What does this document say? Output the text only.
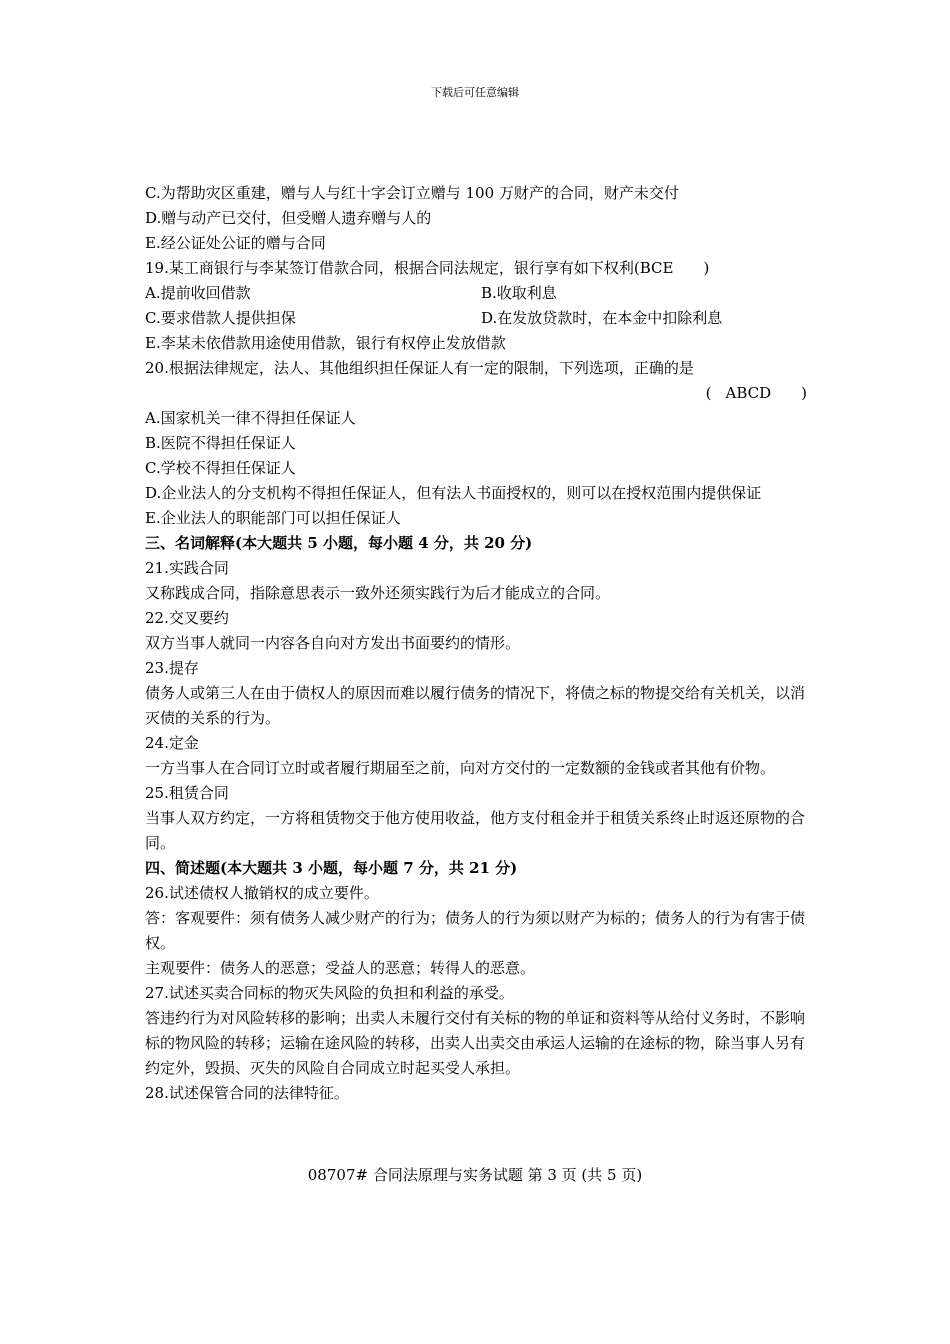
下载后可任意编辑
C.为帮助灾区重建，赠与人与红十字会订立赠与 100 万财产的合同，财产未交付
D.赠与动产已交付，但受赠人遗弃赠与人的
E.经公证处公证的赠与合同
19.某工商银行与李某签订借款合同，根据合同法规定，银行享有如下权利(BCE )
A.提前收回借款	B.收取利息
C.要求借款人提供担保	D.在发放贷款时，在本金中扣除利息
E.李某未依借款用途使用借款，银行有权停止发放借款
20.根据法律规定，法人、其他组织担任保证人有一定的限制，下列选项，正确的是
( ABCD )
A.国家机关一律不得担任保证人
B.医院不得担任保证人
C.学校不得担任保证人
D.企业法人的分支机构不得担任保证人，但有法人书面授权的，则可以在授权范围内提供保证
E.企业法人的职能部门可以担任保证人
三、名词解释(本大题共 5 小题，每小题 4 分，共 20 分)
21.实践合同
又称践成合同，指除意思表示一致外还须实践行为后才能成立的合同。
22.交叉要约
双方当事人就同一内容各自向对方发出书面要约的情形。
23.提存
债务人或第三人在由于债权人的原因而难以履行债务的情况下，将债之标的物提交给有关机关，以消灭债的关系的行为。
24.定金
一方当事人在合同订立时或者履行期届至之前，向对方交付的一定数额的金钱或者其他有价物。
25.租赁合同
当事人双方约定，一方将租赁物交于他方使用收益，他方支付租金并于租赁关系终止时返还原物的合同。
四、简述题(本大题共 3 小题，每小题 7 分，共 21 分)
26.试述债权人撤销权的成立要件。
答：客观要件：须有债务人减少财产的行为；债务人的行为须以财产为标的；债务人的行为有害于债权。
主观要件：债务人的恶意；受益人的恶意；转得人的恶意。
27.试述买卖合同标的物灭失风险的负担和利益的承受。
答违约行为对风险转移的影响；出卖人未履行交付有关标的物的单证和资料等从给付义务时，不影响标的物风险的转移；运输在途风险的转移，出卖人出卖交由承运人运输的在途标的物，除当事人另有约定外，毁损、灭失的风险自合同成立时起买受人承担。
28.试述保管合同的法律特征。
08707# 合同法原理与实务试题 第 3 页 (共 5 页)
